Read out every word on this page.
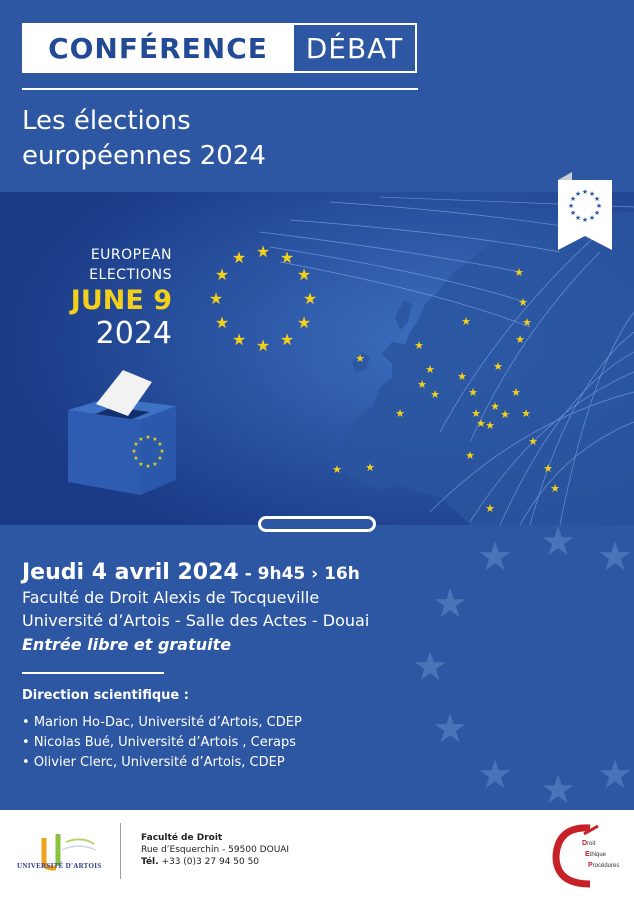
CONFÉRENCE	DÉBAT
Les élections
européennes 2024
★
★
★
★
★
★
★
★
★
★
★	★
★
★
★	★
★
★
★ ★
★
★
★
★
★	★
★
★
★ ★
★
★
★
★
★
★
★
★
★
★
★ ★
★
★
★
★
★
★
★
★
★
★
EUROPEAN
ELECTIONS
JUNE 9
2024
★ ★
★
★
★
★
★
★
★
★
★
★
★ ★ ★
★
★
★
★ ★ ★
Jeudi 4 avril 2024 - 9h45 › 16h
Faculté de Droit Alexis de Tocqueville
Université d’Artois - Salle des Actes - Douai
Entrée libre et gratuite
Direction scientifique :
• Marion Ho-Dac, Université d’Artois, CDEP
• Nicolas Bué, Université d’Artois , Ceraps
• Olivier Clerc, Université d’Artois, CDEP
UNIVERSITÉ D'ARTOIS
Faculté de Droit
Rue d’Esquerchin - 59500 DOUAI
Tél. +33 (0)3 27 94 50 50
Droit
Ethique
Procédures
